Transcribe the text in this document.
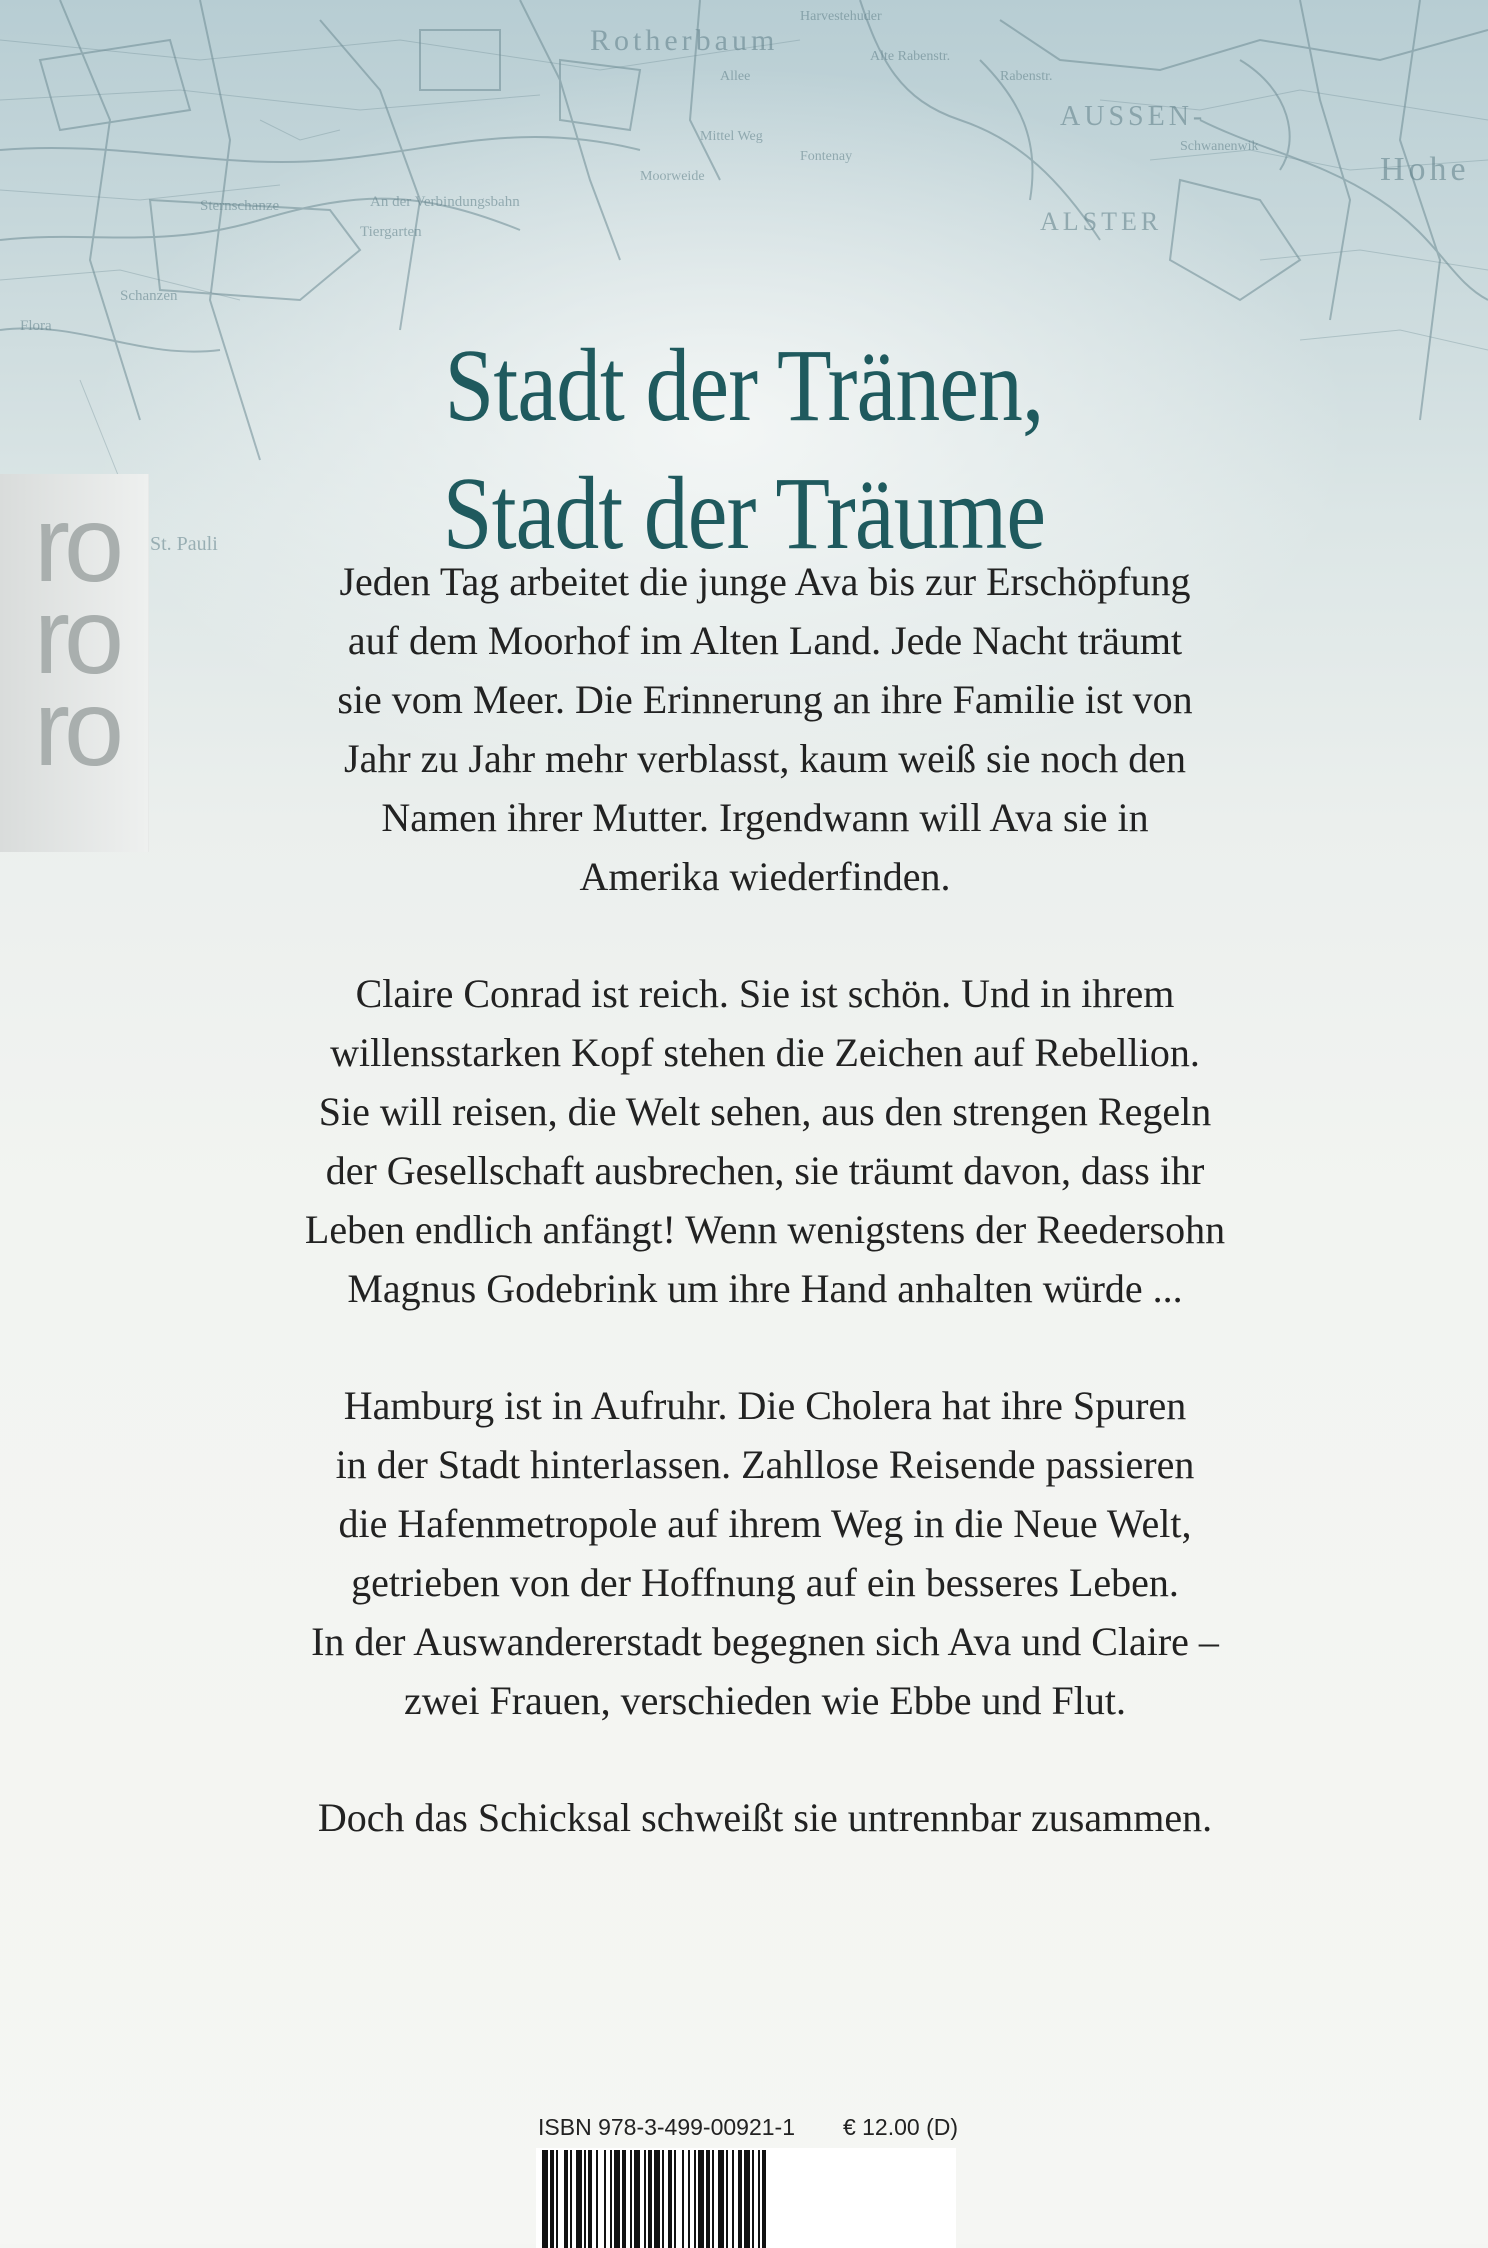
Rotherbaum
AUSSEN-
ALSTER
Hohe
An der Verbindungsbahn
Sternschanze
Tiergarten
Schanzen
St. Pauli
Flora
Moorweide
Fontenay
Rabenstr.
Alte Rabenstr.
Allee
Harvestehuder
Mittel Weg
Schwanenwik
Stadt der Tränen,
Stadt der Träume
ro
ro
ro

Jeden Tag arbeitet die junge Ava bis zur Erschöpfung
auf dem Moorhof im Alten Land. Jede Nacht träumt
sie vom Meer. Die Erinnerung an ihre Familie ist von
Jahr zu Jahr mehr verblasst, kaum weiß sie noch den
Namen ihrer Mutter. Irgendwann will Ava sie in
Amerika wiederfinden.

Claire Conrad ist reich. Sie ist schön. Und in ihrem
willensstarken Kopf stehen die Zeichen auf Rebellion.
Sie will reisen, die Welt sehen, aus den strengen Regeln
der Gesellschaft ausbrechen, sie träumt davon, dass ihr
Leben endlich anfängt! Wenn wenigstens der Reedersohn
Magnus Godebrink um ihre Hand anhalten würde ...

Hamburg ist in Aufruhr. Die Cholera hat ihre Spuren
in der Stadt hinterlassen. Zahllose Reisende passieren
die Hafenmetropole auf ihrem Weg in die Neue Welt,
getrieben von der Hoffnung auf ein besseres Leben.
In der Auswandererstadt begegnen sich Ava und Claire –
zwei Frauen, verschieden wie Ebbe und Flut.

Doch das Schicksal schweißt sie untrennbar zusammen.

ISBN 978-3-499-00921-1 € 12.00 (D)
